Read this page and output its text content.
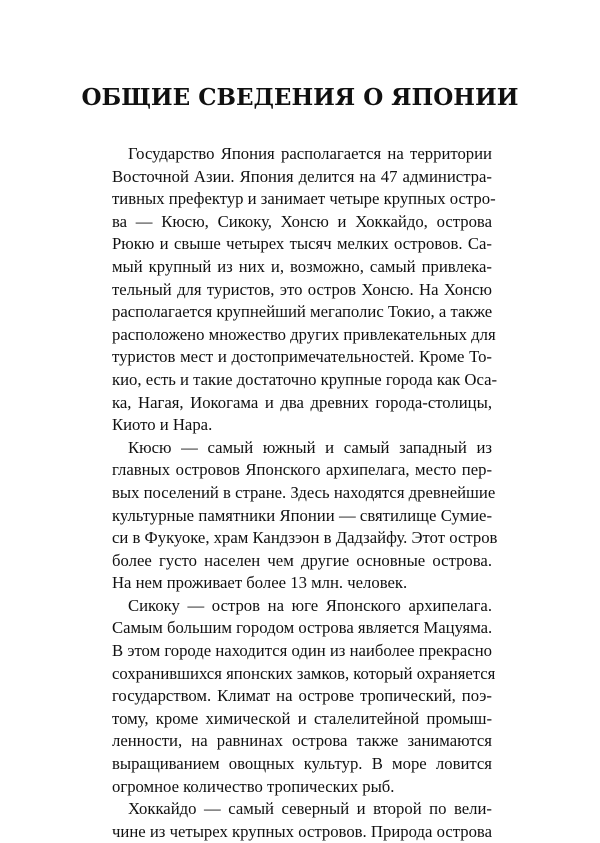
ОБЩИЕ СВЕДЕНИЯ О ЯПОНИИ
Государство Япония располагается на территории
Восточной Азии. Япония делится на 47 администра-
тивных префектур и занимает четыре крупных остро-
ва — Кюсю, Сикоку, Хонсю и Хоккайдо, острова
Рюкю и свыше четырех тысяч мелких островов. Са-
мый крупный из них и, возможно, самый привлека-
тельный для туристов, это остров Хонсю. На Хонсю
располагается крупнейший мегаполис Токио, а также
расположено множество других привлекательных для
туристов мест и достопримечательностей. Кроме То-
кио, есть и такие достаточно крупные города как Оса-
ка, Нагая, Иокогама и два древних города-столицы,
Киото и Нара.
Кюсю — самый южный и самый западный из
главных островов Японского архипелага, место пер-
вых поселений в стране. Здесь находятся древнейшие
культурные памятники Японии — святилище Сумие-
си в Фукуоке, храм Кандзэон в Дадзайфу. Этот остров
более густо населен чем другие основные острова.
На нем проживает более 13 млн. человек.
Сикоку — остров на юге Японского архипелага.
Самым большим городом острова является Мацуяма.
В этом городе находится один из наиболее прекрасно
сохранившихся японских замков, который охраняется
государством. Климат на острове тропический, поэ-
тому, кроме химической и сталелитейной промыш-
ленности, на равнинах острова также занимаются
выращиванием овощных культур. В море ловится
огромное количество тропических рыб.
Хоккайдо — самый северный и второй по вели-
чине из четырех крупных островов. Природа острова
